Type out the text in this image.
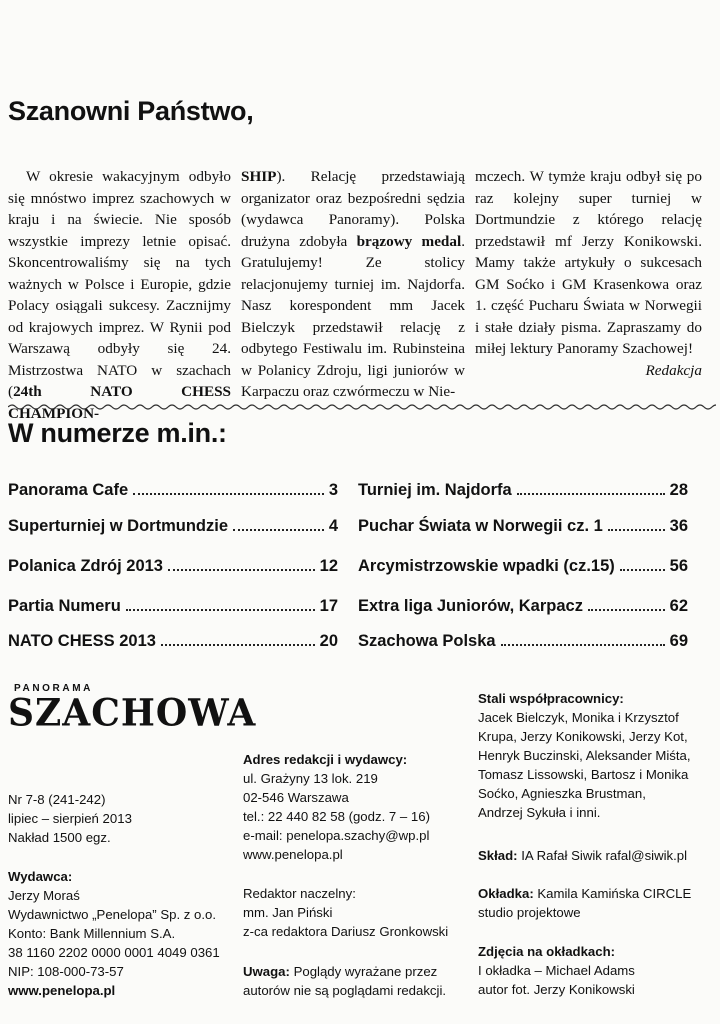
Szanowni Państwo,

W okresie wakacyjnym odbyło się mnóstwo imprez szachowych w kraju i na świecie. Nie sposób wszystkie imprezy letnie opisać. Skoncentrowaliśmy się na tych ważnych w Polsce i Europie, gdzie Polacy osiągali sukcesy. Zacznijmy od krajowych imprez. W Rynii pod Warszawą odbyły się 24. Mistrzostwa NATO w szachach (24th NATO CHESS CHAMPION-

SHIP). Relację przedstawiają organizator oraz bezpośredni sędzia (wydawca Panoramy). Polska drużyna zdobyła brązowy medal. Gratulujemy! Ze stolicy relacjonujemy turniej im. Najdorfa. Nasz korespondent mm Jacek Bielczyk przedstawił relację z odbytego Festiwalu im. Rubinsteina w Polanicy Zdroju, ligi juniorów w Karpaczu oraz czwórmeczu w Nie-

mczech. W tymże kraju odbył się po raz kolejny super turniej w Dortmundzie z którego relację przedstawił mf Jerzy Konikowski. Mamy także artykuły o sukcesach GM Soćko i GM Krasenkowa oraz 1. część Pucharu Świata w Norwegii i stałe działy pisma. Zapraszamy do miłej lektury Panoramy Szachowej!

Redakcja

W numerze m.in.:
Panorama Cafe	3
Superturniej w Dortmundzie	4
Polanica Zdrój 2013	12
Partia Numeru	17
NATO CHESS 2013	20
Turniej im. Najdorfa	28
Puchar Świata w Norwegii cz. 1	36
Arcymistrzowskie wpadki (cz.15)	56
Extra liga Juniorów, Karpacz	62
Szachowa Polska	69
PANORAMA
SZACHOWA
Nr 7-8 (241-242)
lipiec – sierpień 2013
Nakład 1500 egz.
Wydawca:
Jerzy Moraś
Wydawnictwo „Penelopa” Sp. z o.o.
Konto: Bank Millennium S.A.
38 1160 2202 0000 0001 4049 0361
NIP: 108-000-73-57
www.penelopa.pl
Adres redakcji i wydawcy:
ul. Grażyny 13 lok. 219
02-546 Warszawa
tel.: 22 440 82 58 (godz. 7 – 16)
e-mail: penelopa.szachy@wp.pl
www.penelopa.pl
Redaktor naczelny:
mm. Jan Piński
z-ca redaktora Dariusz Gronkowski
Uwaga: Poglądy wyrażane przez
autorów nie są poglądami redakcji.
Stali współpracownicy:
Jacek Bielczyk, Monika i Krzysztof
Krupa, Jerzy Konikowski, Jerzy Kot,
Henryk Buczinski, Aleksander Miśta,
Tomasz Lissowski, Bartosz i Monika
Soćko, Agnieszka Brustman,
Andrzej Sykuła i inni.
Skład: IA Rafał Siwik rafal@siwik.pl
Okładka: Kamila Kamińska CIRCLE
studio projektowe
Zdjęcia na okładkach:
I okładka – Michael Adams
autor fot. Jerzy Konikowski
